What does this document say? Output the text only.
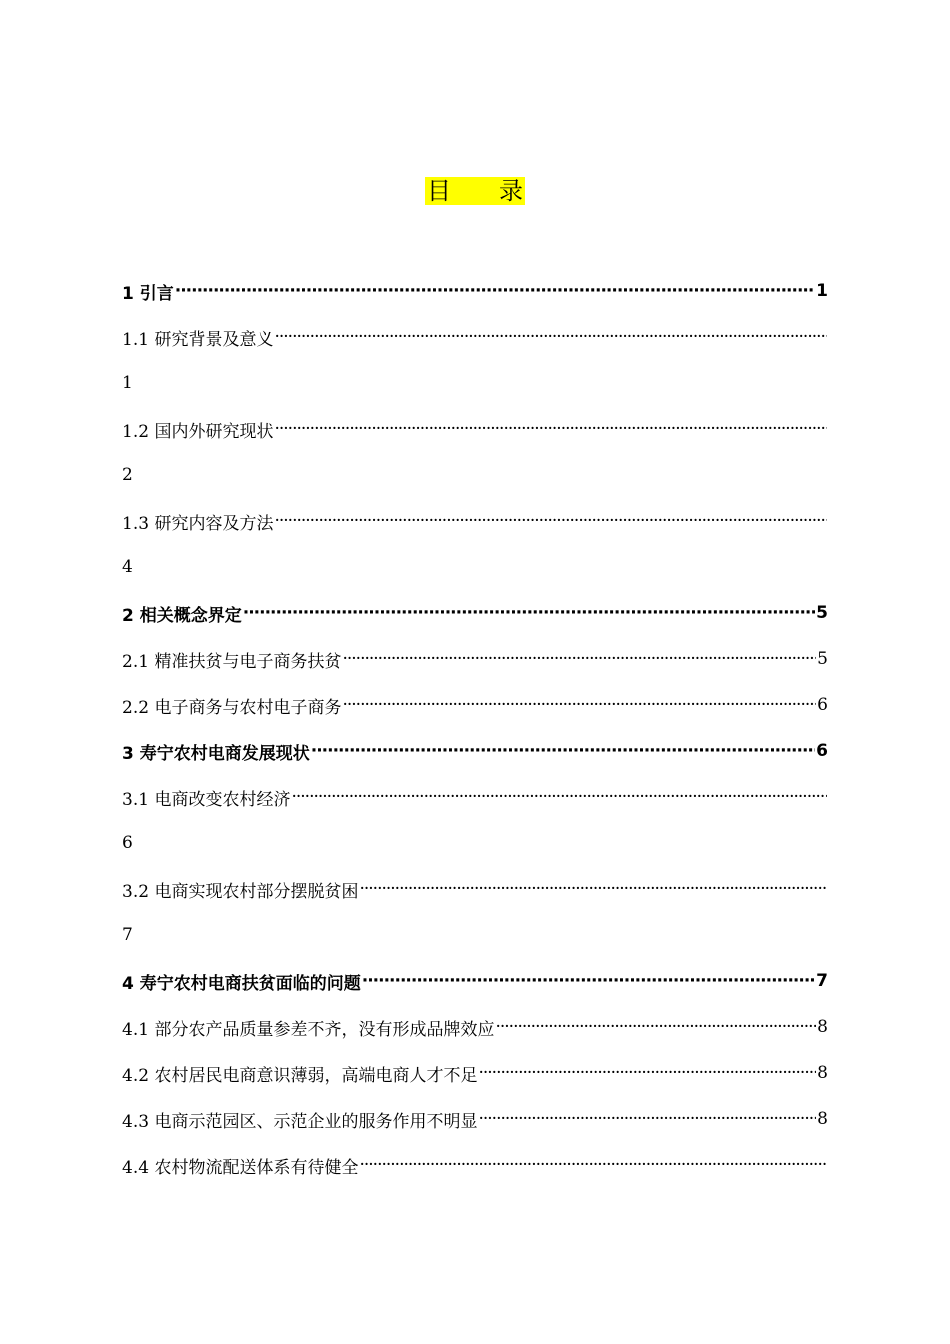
目　　录
1 引言 ·····	1
1.1 研究背景及意义
·····
1
1.2 国内外研究现状
·····
2
1.3 研究内容及方法
·····
4
2 相关概念界定 ·····	5
2.1 精准扶贫与电子商务扶贫 ·····	5
2.2 电子商务与农村电子商务 ·····	6
3 寿宁农村电商发展现状 ·····	6
3.1 电商改变农村经济
·····
6
3.2 电商实现农村部分摆脱贫困
·····
7
4 寿宁农村电商扶贫面临的问题 ·····	7
4.1 部分农产品质量参差不齐，没有形成品牌效应 ·····	8
4.2 农村居民电商意识薄弱，高端电商人才不足 ·····	8
4.3 电商示范园区、示范企业的服务作用不明显 ·····	8
4.4 农村物流配送体系有待健全
·····
